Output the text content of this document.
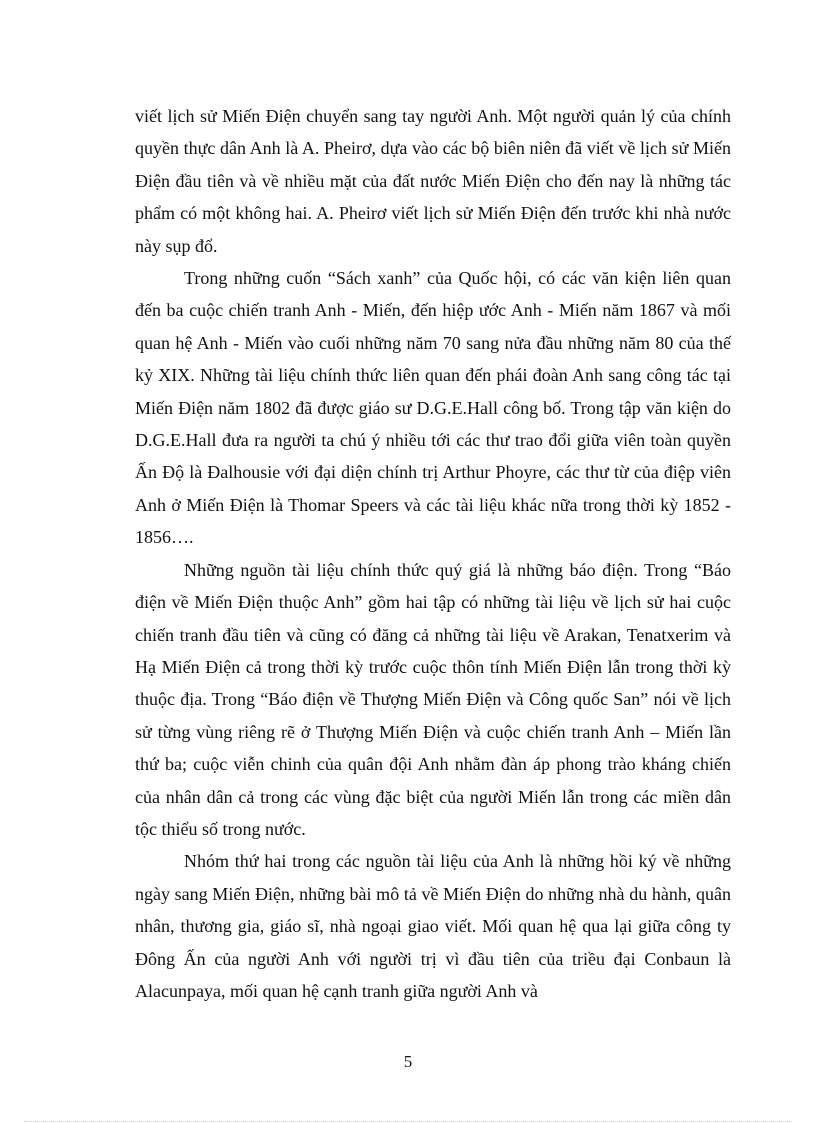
viết lịch sử Miến Điện chuyển sang tay người Anh. Một người quản lý của chính quyền thực dân Anh là A. Pheirơ, dựa vào các bộ biên niên đã viết về lịch sử Miến Điện đầu tiên và về nhiều mặt của đất nước Miến Điện cho đến nay là những tác phẩm có một không hai. A. Pheirơ viết lịch sử Miến Điện đến trước khi nhà nước này sụp đổ.

Trong những cuốn “Sách xanh” của Quốc hội, có các văn kiện liên quan đến ba cuộc chiến tranh Anh - Miến, đến hiệp ước Anh - Miến năm 1867 và mối quan hệ Anh - Miến vào cuối những năm 70 sang nửa đầu những năm 80 của thế kỷ XIX. Những tài liệu chính thức liên quan đến phái đoàn Anh sang công tác tại Miến Điện năm 1802 đã được giáo sư D.G.E.Hall công bố. Trong tập văn kiện do D.G.E.Hall đưa ra người ta chú ý nhiều tới các thư trao đổi giữa viên toàn quyền Ấn Độ là Đalhousie với đại diện chính trị Arthur Phoyre, các thư từ của điệp viên Anh ở Miến Điện là Thomar Speers và các tài liệu khác nữa trong thời kỳ 1852 - 1856….

Những nguồn tài liệu chính thức quý giá là những báo điện. Trong “Báo điện về Miến Điện thuộc Anh” gồm hai tập có những tài liệu về lịch sử hai cuộc chiến tranh đầu tiên và cũng có đăng cả những tài liệu về Arakan, Tenatxerim và Hạ Miến Điện cả trong thời kỳ trước cuộc thôn tính Miến Điện lẫn trong thời kỳ thuộc địa. Trong “Báo điện về Thượng Miến Điện và Công quốc San” nói về lịch sử từng vùng riêng rẽ ở Thượng Miến Điện và cuộc chiến tranh Anh – Miến lần thứ ba; cuộc viễn chinh của quân đội Anh nhằm đàn áp phong trào kháng chiến của nhân dân cả trong các vùng đặc biệt của người Miến lẫn trong các miền dân tộc thiểu số trong nước.

Nhóm thứ hai trong các nguồn tài liệu của Anh là những hồi ký về những ngày sang Miến Điện, những bài mô tả về Miến Điện do những nhà du hành, quân nhân, thương gia, giáo sĩ, nhà ngoại giao viết. Mối quan hệ qua lại giữa công ty Đông Ấn của người Anh với người trị vì đầu tiên của triều đại Conbaun là Alacunpaya, mối quan hệ cạnh tranh giữa người Anh và

5
